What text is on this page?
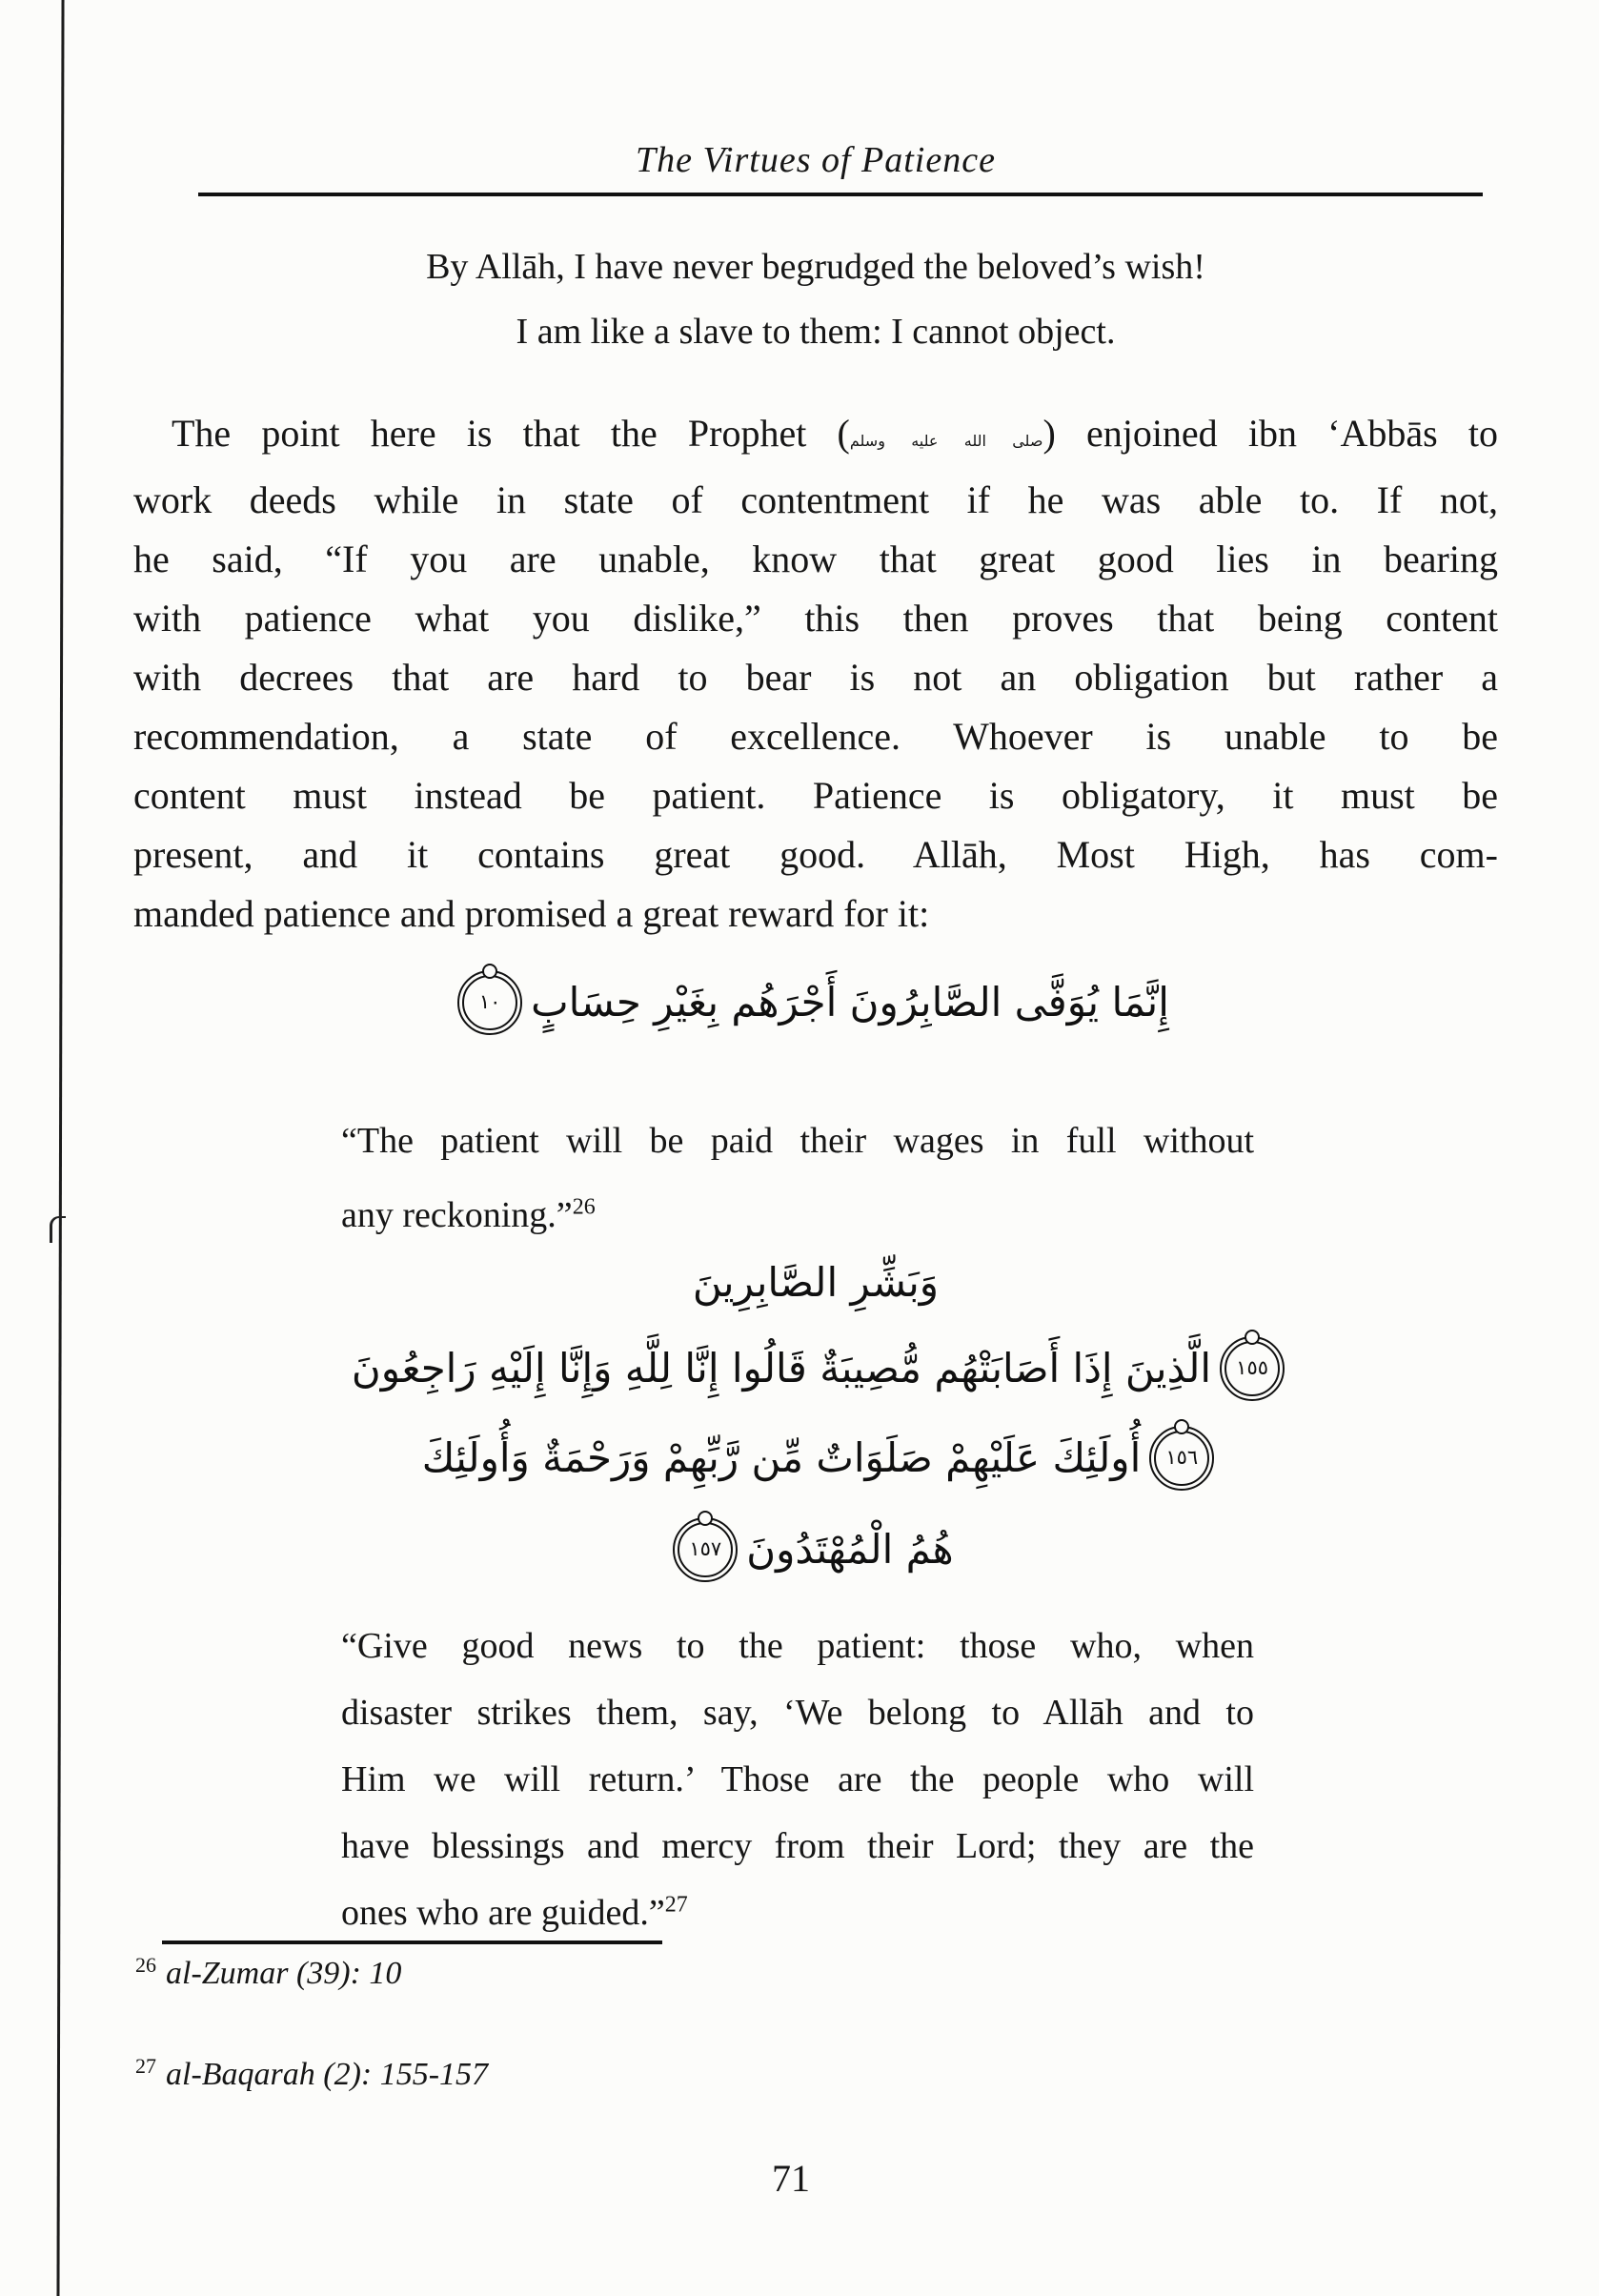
The Virtues of Patience
By Allāh, I have never begrudged the beloved’s wish!
I am like a slave to them: I cannot object.
The point here is that the Prophet (صلى الله عليه وسلم) enjoined ibn ‘Abbās to
work deeds while in state of contentment if he was able to. If not,
he said, “If you are unable, know that great good lies in bearing
with patience what you dislike,” this then proves that being content
with decrees that are hard to bear is not an obligation but rather a
recommendation, a state of excellence. Whoever is unable to be
content must instead be patient. Patience is obligatory, it must be
present, and it contains great good. Allāh, Most High, has com-
manded patience and promised a great reward for it:
إِنَّمَا يُوَفَّى الصَّابِرُونَ أَجْرَهُم بِغَيْرِ حِسَابٍ
١٠
“The patient will be paid their wages in full without
any reckoning.”$^{26}$
وَبَشِّرِ الصَّابِرِينَ
١٥٥
الَّذِينَ إِذَا أَصَابَتْهُم مُّصِيبَةٌ قَالُوا إِنَّا لِلَّهِ وَإِنَّا إِلَيْهِ رَاجِعُونَ
١٥٦
أُولَئِكَ عَلَيْهِمْ صَلَوَاتٌ مِّن رَّبِّهِمْ وَرَحْمَةٌ وَأُولَئِكَ
هُمُ الْمُهْتَدُونَ
١٥٧
“Give good news to the patient: those who, when
disaster strikes them, say, ‘We belong to Allāh and to
Him we will return.’ Those are the people who will
have blessings and mercy from their Lord; they are the
ones who are guided.”$^{27}$
$^{26}$ al-Zumar (39): 10
$^{27}$ al-Baqarah (2): 155-157
71
